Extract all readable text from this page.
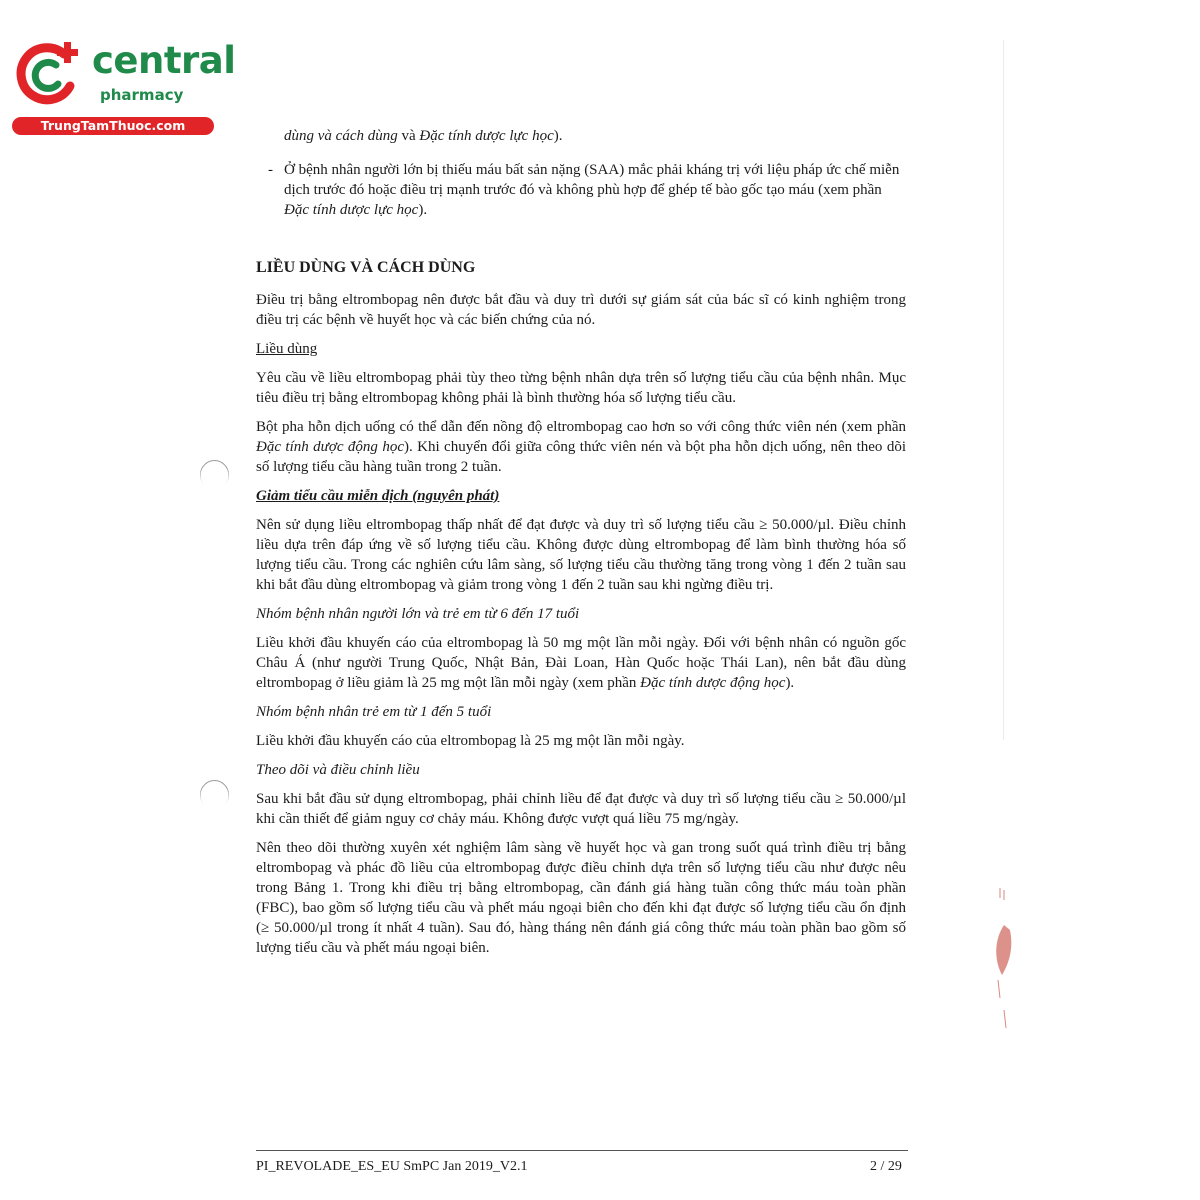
central
pharmacy
TrungTamThuoc.com
dùng và cách dùng và Đặc tính dược lực học).
- Ở bệnh nhân người lớn bị thiếu máu bất sản nặng (SAA) mắc phải kháng trị với liệu pháp ức chế miễn dịch trước đó hoặc điều trị mạnh trước đó và không phù hợp để ghép tế bào gốc tạo máu (xem phần Đặc tính dược lực học).
LIỀU DÙNG VÀ CÁCH DÙNG

Điều trị bằng eltrombopag nên được bắt đầu và duy trì dưới sự giám sát của bác sĩ có kinh nghiệm trong điều trị các bệnh về huyết học và các biến chứng của nó.

Liều dùng

Yêu cầu về liều eltrombopag phải tùy theo từng bệnh nhân dựa trên số lượng tiểu cầu của bệnh nhân. Mục tiêu điều trị bằng eltrombopag không phải là bình thường hóa số lượng tiểu cầu.

Bột pha hỗn dịch uống có thể dẫn đến nồng độ eltrombopag cao hơn so với công thức viên nén (xem phần Đặc tính dược động học). Khi chuyển đổi giữa công thức viên nén và bột pha hỗn dịch uống, nên theo dõi số lượng tiểu cầu hàng tuần trong 2 tuần.

Giảm tiểu cầu miễn dịch (nguyên phát)

Nên sử dụng liều eltrombopag thấp nhất để đạt được và duy trì số lượng tiểu cầu ≥ 50.000/µl. Điều chỉnh liều dựa trên đáp ứng về số lượng tiểu cầu. Không được dùng eltrombopag để làm bình thường hóa số lượng tiểu cầu. Trong các nghiên cứu lâm sàng, số lượng tiểu cầu thường tăng trong vòng 1 đến 2 tuần sau khi bắt đầu dùng eltrombopag và giảm trong vòng 1 đến 2 tuần sau khi ngừng điều trị.

Nhóm bệnh nhân người lớn và trẻ em từ 6 đến 17 tuổi

Liều khởi đầu khuyến cáo của eltrombopag là 50 mg một lần mỗi ngày. Đối với bệnh nhân có nguồn gốc Châu Á (như người Trung Quốc, Nhật Bản, Đài Loan, Hàn Quốc hoặc Thái Lan), nên bắt đầu dùng eltrombopag ở liều giảm là 25 mg một lần mỗi ngày (xem phần Đặc tính dược động học).

Nhóm bệnh nhân trẻ em từ 1 đến 5 tuổi

Liều khởi đầu khuyến cáo của eltrombopag là 25 mg một lần mỗi ngày.

Theo dõi và điều chỉnh liều

Sau khi bắt đầu sử dụng eltrombopag, phải chỉnh liều để đạt được và duy trì số lượng tiểu cầu ≥ 50.000/µl khi cần thiết để giảm nguy cơ chảy máu. Không được vượt quá liều 75 mg/ngày.

Nên theo dõi thường xuyên xét nghiệm lâm sàng về huyết học và gan trong suốt quá trình điều trị bằng eltrombopag và phác đồ liều của eltrombopag được điều chỉnh dựa trên số lượng tiểu cầu như được nêu trong Bảng 1. Trong khi điều trị bằng eltrombopag, cần đánh giá hàng tuần công thức máu toàn phần (FBC), bao gồm số lượng tiểu cầu và phết máu ngoại biên cho đến khi đạt được số lượng tiểu cầu ổn định (≥ 50.000/µl trong ít nhất 4 tuần). Sau đó, hàng tháng nên đánh giá công thức máu toàn phần bao gồm số lượng tiểu cầu và phết máu ngoại biên.

PI_REVOLADE_ES_EU SmPC Jan 2019_V2.1	2 / 29
